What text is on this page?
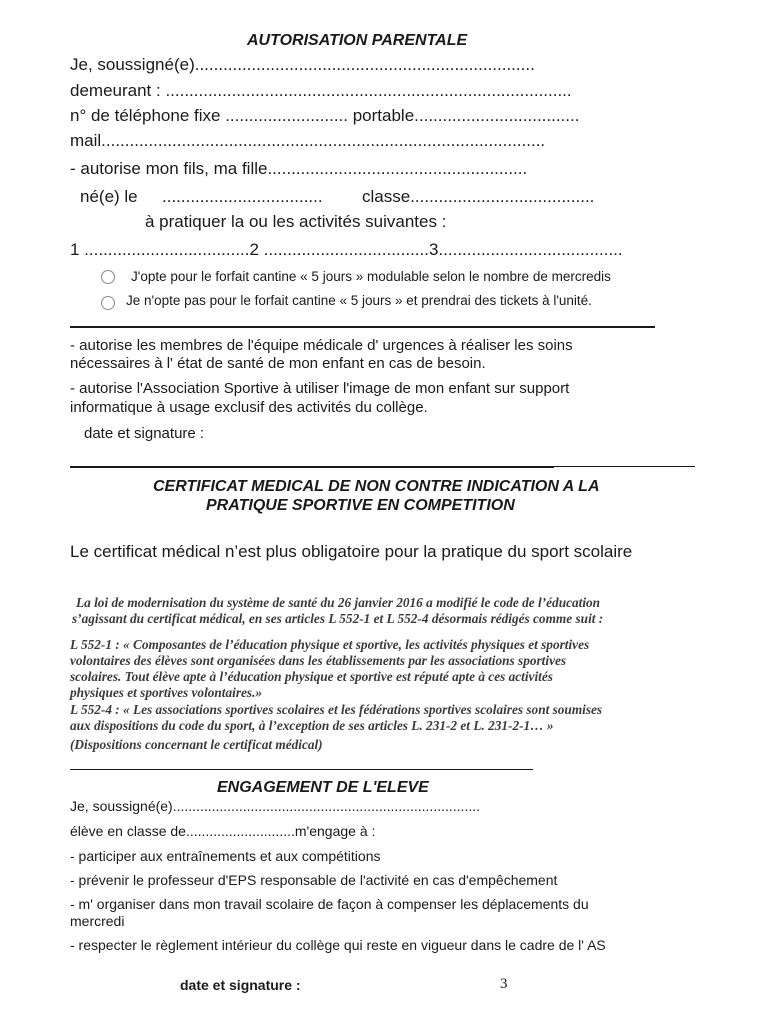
AUTORISATION PARENTALE
Je, soussigné(e)........................................................................
demeurant : ......................................................................................
n° de téléphone fixe .......................... portable...................................
mail..............................................................................................
- autorise mon fils, ma fille.......................................................
né(e) le .................................. classe.......................................
à pratiquer la ou les activités suivantes :
1 ...................................2 ...................................3.......................................
J'opte pour le forfait cantine « 5 jours » modulable selon le nombre de mercredis
Je n'opte pas pour le forfait cantine « 5 jours » et prendrai des tickets à l'unité.
- autorise les membres de l'équipe médicale d' urgences à réaliser les soins
nécessaires à l' état de santé de mon enfant en cas de besoin.
- autorise l'Association Sportive à utiliser l'image de mon enfant sur support
informatique à usage exclusif des activités du collège.
date et signature :
CERTIFICAT MEDICAL DE NON CONTRE INDICATION A LA
PRATIQUE SPORTIVE EN COMPETITION
Le certificat médical n’est plus obligatoire pour la pratique du sport scolaire
La loi de modernisation du système de santé du 26 janvier 2016 a modifié le code de l’éducation
s’agissant du certificat médical, en ses articles L 552-1 et L 552-4 désormais rédigés comme suit :
L 552-1 : « Composantes de l’éducation physique et sportive, les activités physiques et sportives
volontaires des élèves sont organisées dans les établissements par les associations sportives
scolaires. Tout élève apte à l’éducation physique et sportive est réputé apte à ces activités
physiques et sportives volontaires.»
L 552-4 : « Les associations sportives scolaires et les fédérations sportives scolaires sont soumises
aux dispositions du code du sport, à l’exception de ses articles L. 231-2 et L. 231-2-1… »
(Dispositions concernant le certificat médical)
ENGAGEMENT DE L'ELEVE
Je, soussigné(e)...............................................................................
élève en classe de............................m'engage à :
- participer aux entraînements et aux compétitions
- prévenir le professeur d'EPS responsable de l'activité en cas d'empêchement
- m' organiser dans mon travail scolaire de façon à compenser les déplacements du
mercredi
- respecter le règlement intérieur du collège qui reste en vigueur dans le cadre de l' AS
date et signature :	3
